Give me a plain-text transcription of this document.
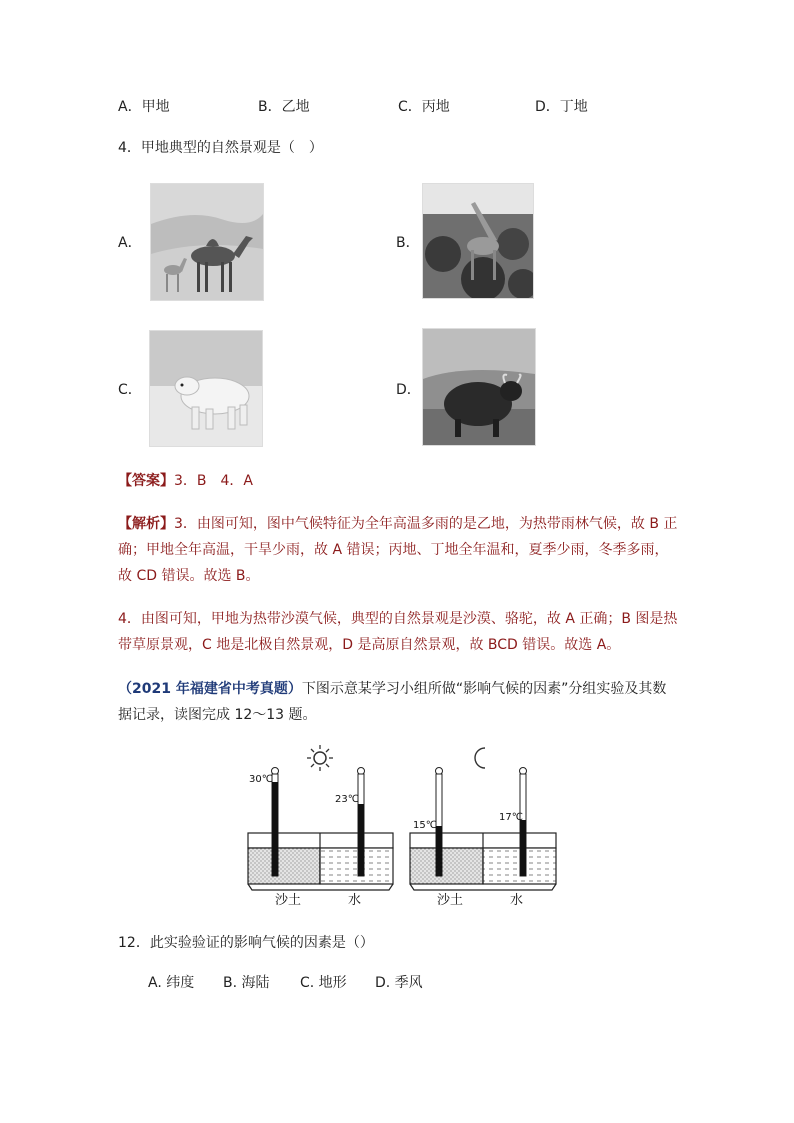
A．甲地	B．乙地	C．丙地	D．丁地
4．甲地典型的自然景观是（　）
A．	B．
C．	D．
【答案】3．B　4．A
【解析】3．由图可知，图中气候特征为全年高温多雨的是乙地，为热带雨林气候，故 B 正
确；甲地全年高温，干旱少雨，故 A 错误；丙地、丁地全年温和，夏季少雨，冬季多雨，
故 CD 错误。故选 B。
4．由图可知，甲地为热带沙漠气候，典型的自然景观是沙漠、骆驼，故 A 正确；B 图是热
带草原景观，C 地是北极自然景观，D 是高原自然景观，故 BCD 错误。故选 A。
（2021 年福建省中考真题）下图示意某学习小组所做“影响气候的因素”分组实验及其数
据记录，读图完成 12～13 题。
30℃
23℃
沙土	水
15℃
17℃
沙土	水
12．此实验验证的影响气候的因素是（）
A. 纬度 B. 海陆 C. 地形 D. 季风
